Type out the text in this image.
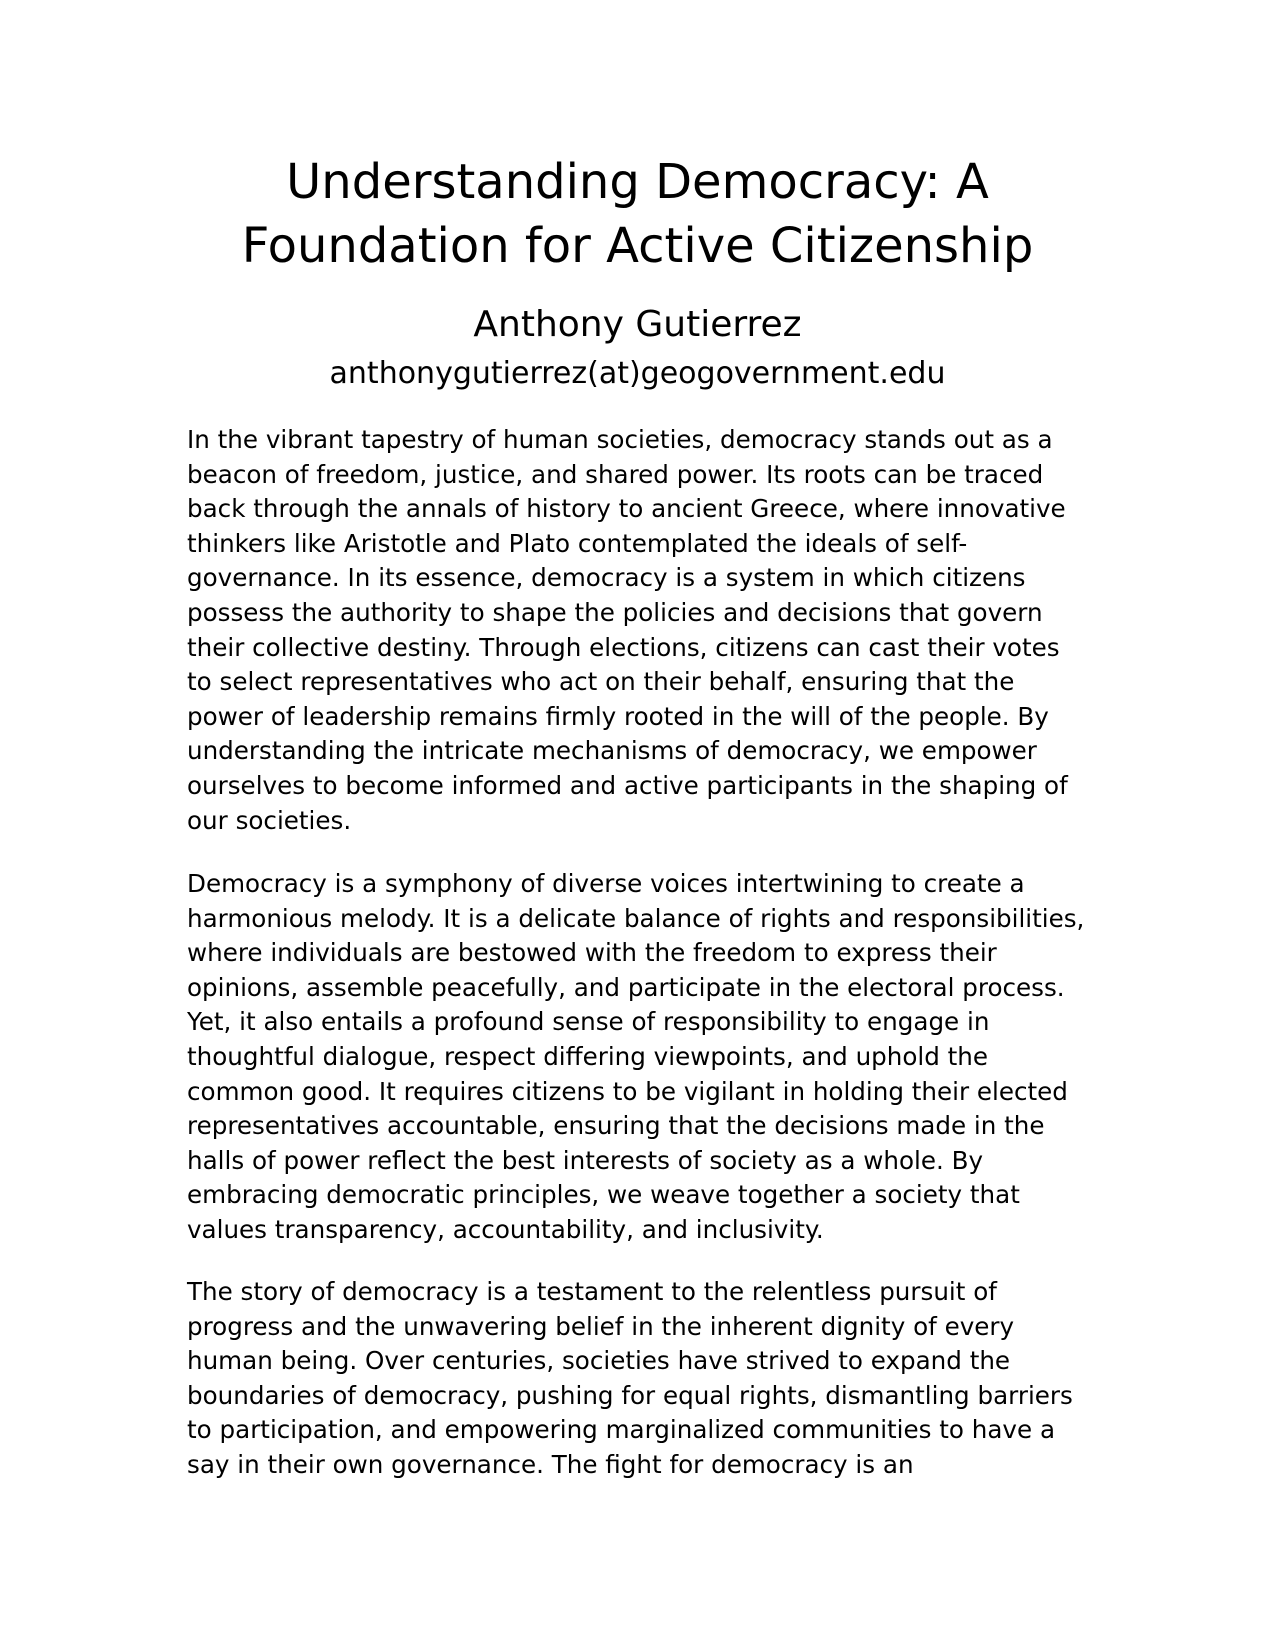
Understanding Democracy: A Foundation for Active Citizenship
Anthony Gutierrez
anthonygutierrez(at)geogovernment.edu

In the vibrant tapestry of human societies, democracy stands out as a beacon of freedom, justice, and shared power. Its roots can be traced back through the annals of history to ancient Greece, where innovative thinkers like Aristotle and Plato contemplated the ideals of self-governance. In its essence, democracy is a system in which citizens possess the authority to shape the policies and decisions that govern their collective destiny. Through elections, citizens can cast their votes to select representatives who act on their behalf, ensuring that the power of leadership remains firmly rooted in the will of the people. By understanding the intricate mechanisms of democracy, we empower ourselves to become informed and active participants in the shaping of our societies.

Democracy is a symphony of diverse voices intertwining to create a harmonious melody. It is a delicate balance of rights and responsibilities, where individuals are bestowed with the freedom to express their opinions, assemble peacefully, and participate in the electoral process. Yet, it also entails a profound sense of responsibility to engage in thoughtful dialogue, respect differing viewpoints, and uphold the common good. It requires citizens to be vigilant in holding their elected representatives accountable, ensuring that the decisions made in the halls of power reflect the best interests of society as a whole. By embracing democratic principles, we weave together a society that values transparency, accountability, and inclusivity.

The story of democracy is a testament to the relentless pursuit of progress and the unwavering belief in the inherent dignity of every human being. Over centuries, societies have strived to expand the boundaries of democracy, pushing for equal rights, dismantling barriers to participation, and empowering marginalized communities to have a say in their own governance. The fight for democracy is an
